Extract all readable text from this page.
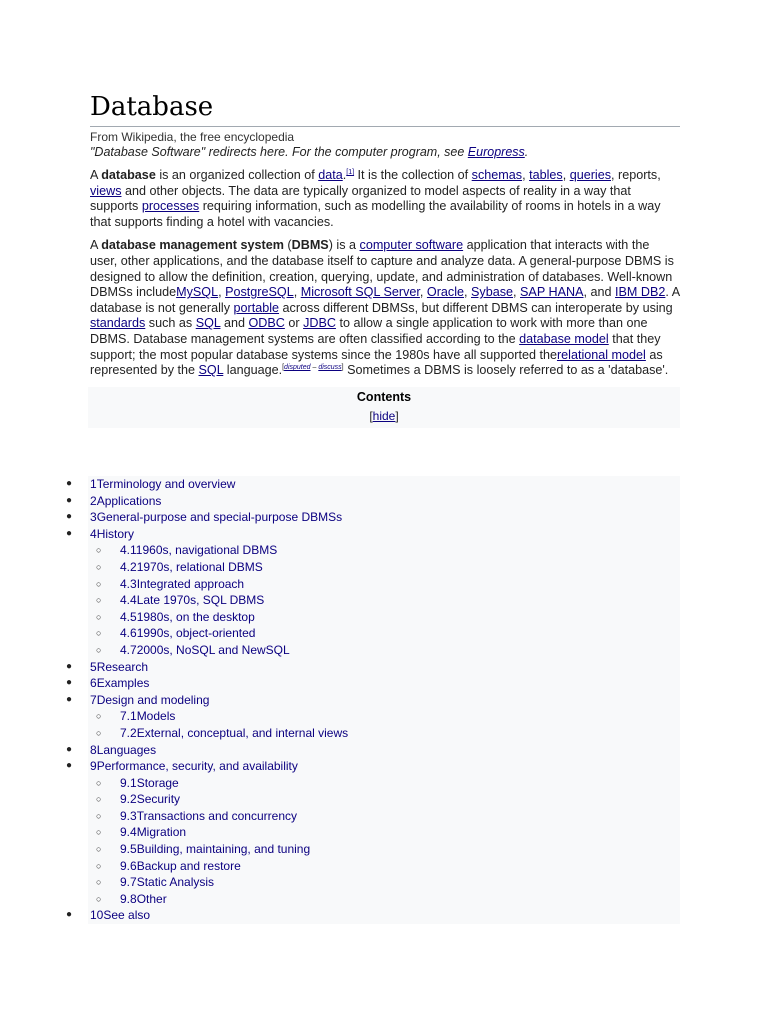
Database
From Wikipedia, the free encyclopedia
"Database Software" redirects here. For the computer program, see Europress.

A database is an organized collection of data.[1] It is the collection of schemas, tables, queries, reports, views and other objects. The data are typically organized to model aspects of reality in a way that supports processes requiring information, such as modelling the availability of rooms in hotels in a way that supports finding a hotel with vacancies.

A database management system (DBMS) is a computer software application that interacts with the user, other applications, and the database itself to capture and analyze data. A general-purpose DBMS is designed to allow the definition, creation, querying, update, and administration of databases. Well-known DBMSs includeMySQL, PostgreSQL, Microsoft SQL Server, Oracle, Sybase, SAP HANA, and IBM DB2. A database is not generally portable across different DBMSs, but different DBMS can interoperate by using standards such as SQL and ODBC or JDBC to allow a single application to work with more than one DBMS. Database management systems are often classified according to the database model that they support; the most popular database systems since the 1980s have all supported therelational model as represented by the SQL language.[disputed – discuss] Sometimes a DBMS is loosely referred to as a 'database'.

Contents
[hide]
● 1Terminology and overview
● 2Applications
● 3General-purpose and special-purpose DBMSs
● 4History
○ 4.11960s, navigational DBMS
○ 4.21970s, relational DBMS
○ 4.3Integrated approach
○ 4.4Late 1970s, SQL DBMS
○ 4.51980s, on the desktop
○ 4.61990s, object-oriented
○ 4.72000s, NoSQL and NewSQL
● 5Research
● 6Examples
● 7Design and modeling
○ 7.1Models
○ 7.2External, conceptual, and internal views
● 8Languages
● 9Performance, security, and availability
○ 9.1Storage
○ 9.2Security
○ 9.3Transactions and concurrency
○ 9.4Migration
○ 9.5Building, maintaining, and tuning
○ 9.6Backup and restore
○ 9.7Static Analysis
○ 9.8Other
● 10See also
